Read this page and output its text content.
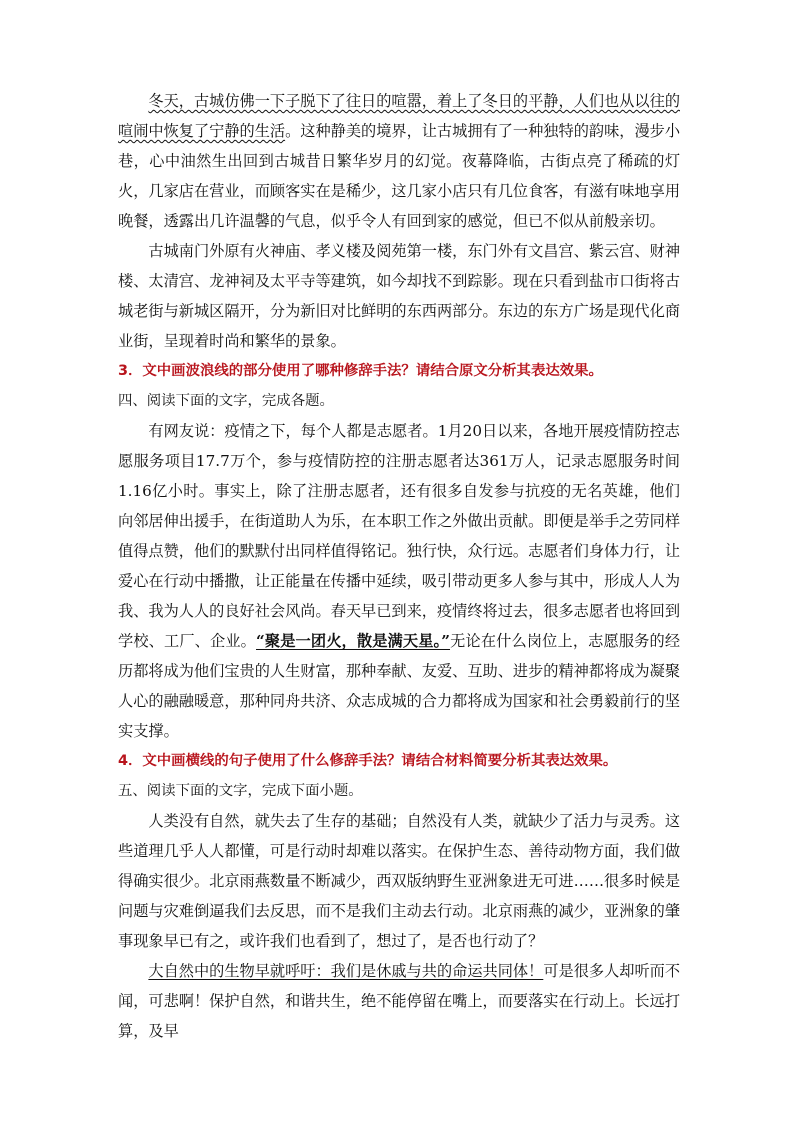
冬天，古城仿佛一下子脱下了往日的喧嚣，着上了冬日的平静，人们也从以往的喧闹中恢复了宁静的生活。这种静美的境界，让古城拥有了一种独特的韵味，漫步小巷，心中油然生出回到古城昔日繁华岁月的幻觉。夜幕降临，古街点亮了稀疏的灯火，几家店在营业，而顾客实在是稀少，这几家小店只有几位食客，有滋有味地享用晚餐，透露出几许温馨的气息，似乎令人有回到家的感觉，但已不似从前般亲切。

古城南门外原有火神庙、孝义楼及阅苑第一楼，东门外有文昌宫、紫云宫、财神楼、太清宫、龙神祠及太平寺等建筑，如今却找不到踪影。现在只看到盐市口街将古城老街与新城区隔开，分为新旧对比鲜明的东西两部分。东边的东方广场是现代化商业街，呈现着时尚和繁华的景象。

3．文中画波浪线的部分使用了哪种修辞手法？请结合原文分析其表达效果。

四、阅读下面的文字，完成各题。

有网友说：疫情之下，每个人都是志愿者。1月20日以来，各地开展疫情防控志愿服务项目17.7万个，参与疫情防控的注册志愿者达361万人，记录志愿服务时间1.16亿小时。事实上，除了注册志愿者，还有很多自发参与抗疫的无名英雄，他们向邻居伸出援手，在街道助人为乐，在本职工作之外做出贡献。即便是举手之劳同样值得点赞，他们的默默付出同样值得铭记。独行快，众行远。志愿者们身体力行，让爱心在行动中播撒，让正能量在传播中延续，吸引带动更多人参与其中，形成人人为我、我为人人的良好社会风尚。春天早已到来，疫情终将过去，很多志愿者也将回到学校、工厂、企业。“聚是一团火，散是满天星。”无论在什么岗位上，志愿服务的经历都将成为他们宝贵的人生财富，那种奉献、友爱、互助、进步的精神都将成为凝聚人心的融融暖意，那种同舟共济、众志成城的合力都将成为国家和社会勇毅前行的坚实支撑。

4．文中画横线的句子使用了什么修辞手法？请结合材料简要分析其表达效果。

五、阅读下面的文字，完成下面小题。

人类没有自然，就失去了生存的基础；自然没有人类，就缺少了活力与灵秀。这些道理几乎人人都懂，可是行动时却难以落实。在保护生态、善待动物方面，我们做得确实很少。北京雨燕数量不断减少，西双版纳野生亚洲象进无可进……很多时候是问题与灾难倒逼我们去反思，而不是我们主动去行动。北京雨燕的减少，亚洲象的肇事现象早已有之，或许我们也看到了，想过了，是否也行动了？

大自然中的生物早就呼吁：我们是休戚与共的命运共同体！可是很多人却听而不闻，可悲啊！保护自然，和谐共生，绝不能停留在嘴上，而要落实在行动上。长远打算，及早
